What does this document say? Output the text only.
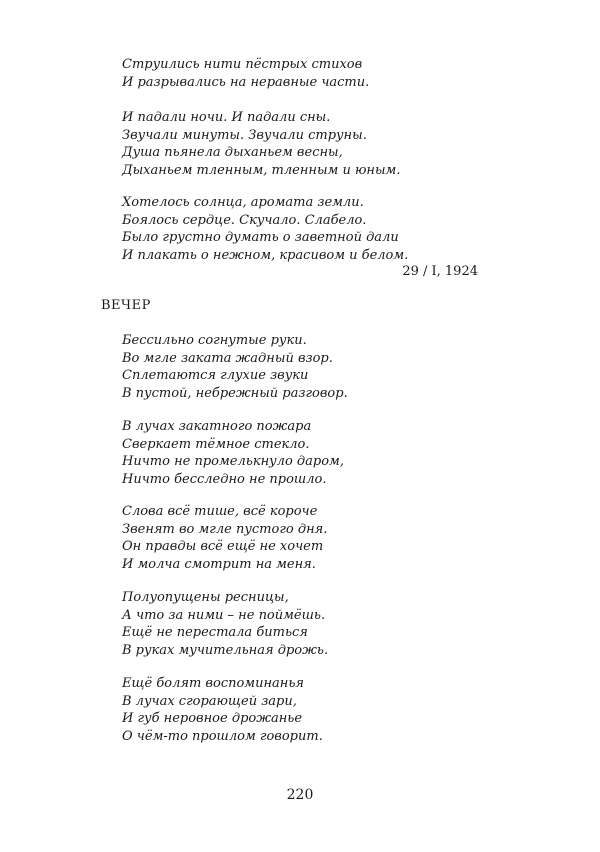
Струились нити пёстрых стихов
И разрывались на неравные части.
И падали ночи. И падали сны.
Звучали минуты. Звучали струны.
Душа пьянела дыханьем весны,
Дыханьем тленным, тленным и юным.
Хотелось солнца, аромата земли.
Боялось сердце. Скучало. Слабело.
Было грустно думать о заветной дали
И плакать о нежном, красивом и белом.
29 / I, 1924
ВЕЧЕР
Бессильно согнутые руки.
Во мгле заката жадный взор.
Сплетаются глухие звуки
В пустой, небрежный разговор.
В лучах закатного пожара
Сверкает тёмное стекло.
Ничто не промелькнуло даром,
Ничто бесследно не прошло.
Слова всё тише, всё короче
Звенят во мгле пустого дня.
Он правды всё ещё не хочет
И молча смотрит на меня.
Полуопущены ресницы,
А что за ними – не поймёшь.
Ещё не перестала биться
В руках мучительная дрожь.
Ещё болят воспоминанья
В лучах сгорающей зари,
И губ неровное дрожанье
О чём-то прошлом говорит.
220
